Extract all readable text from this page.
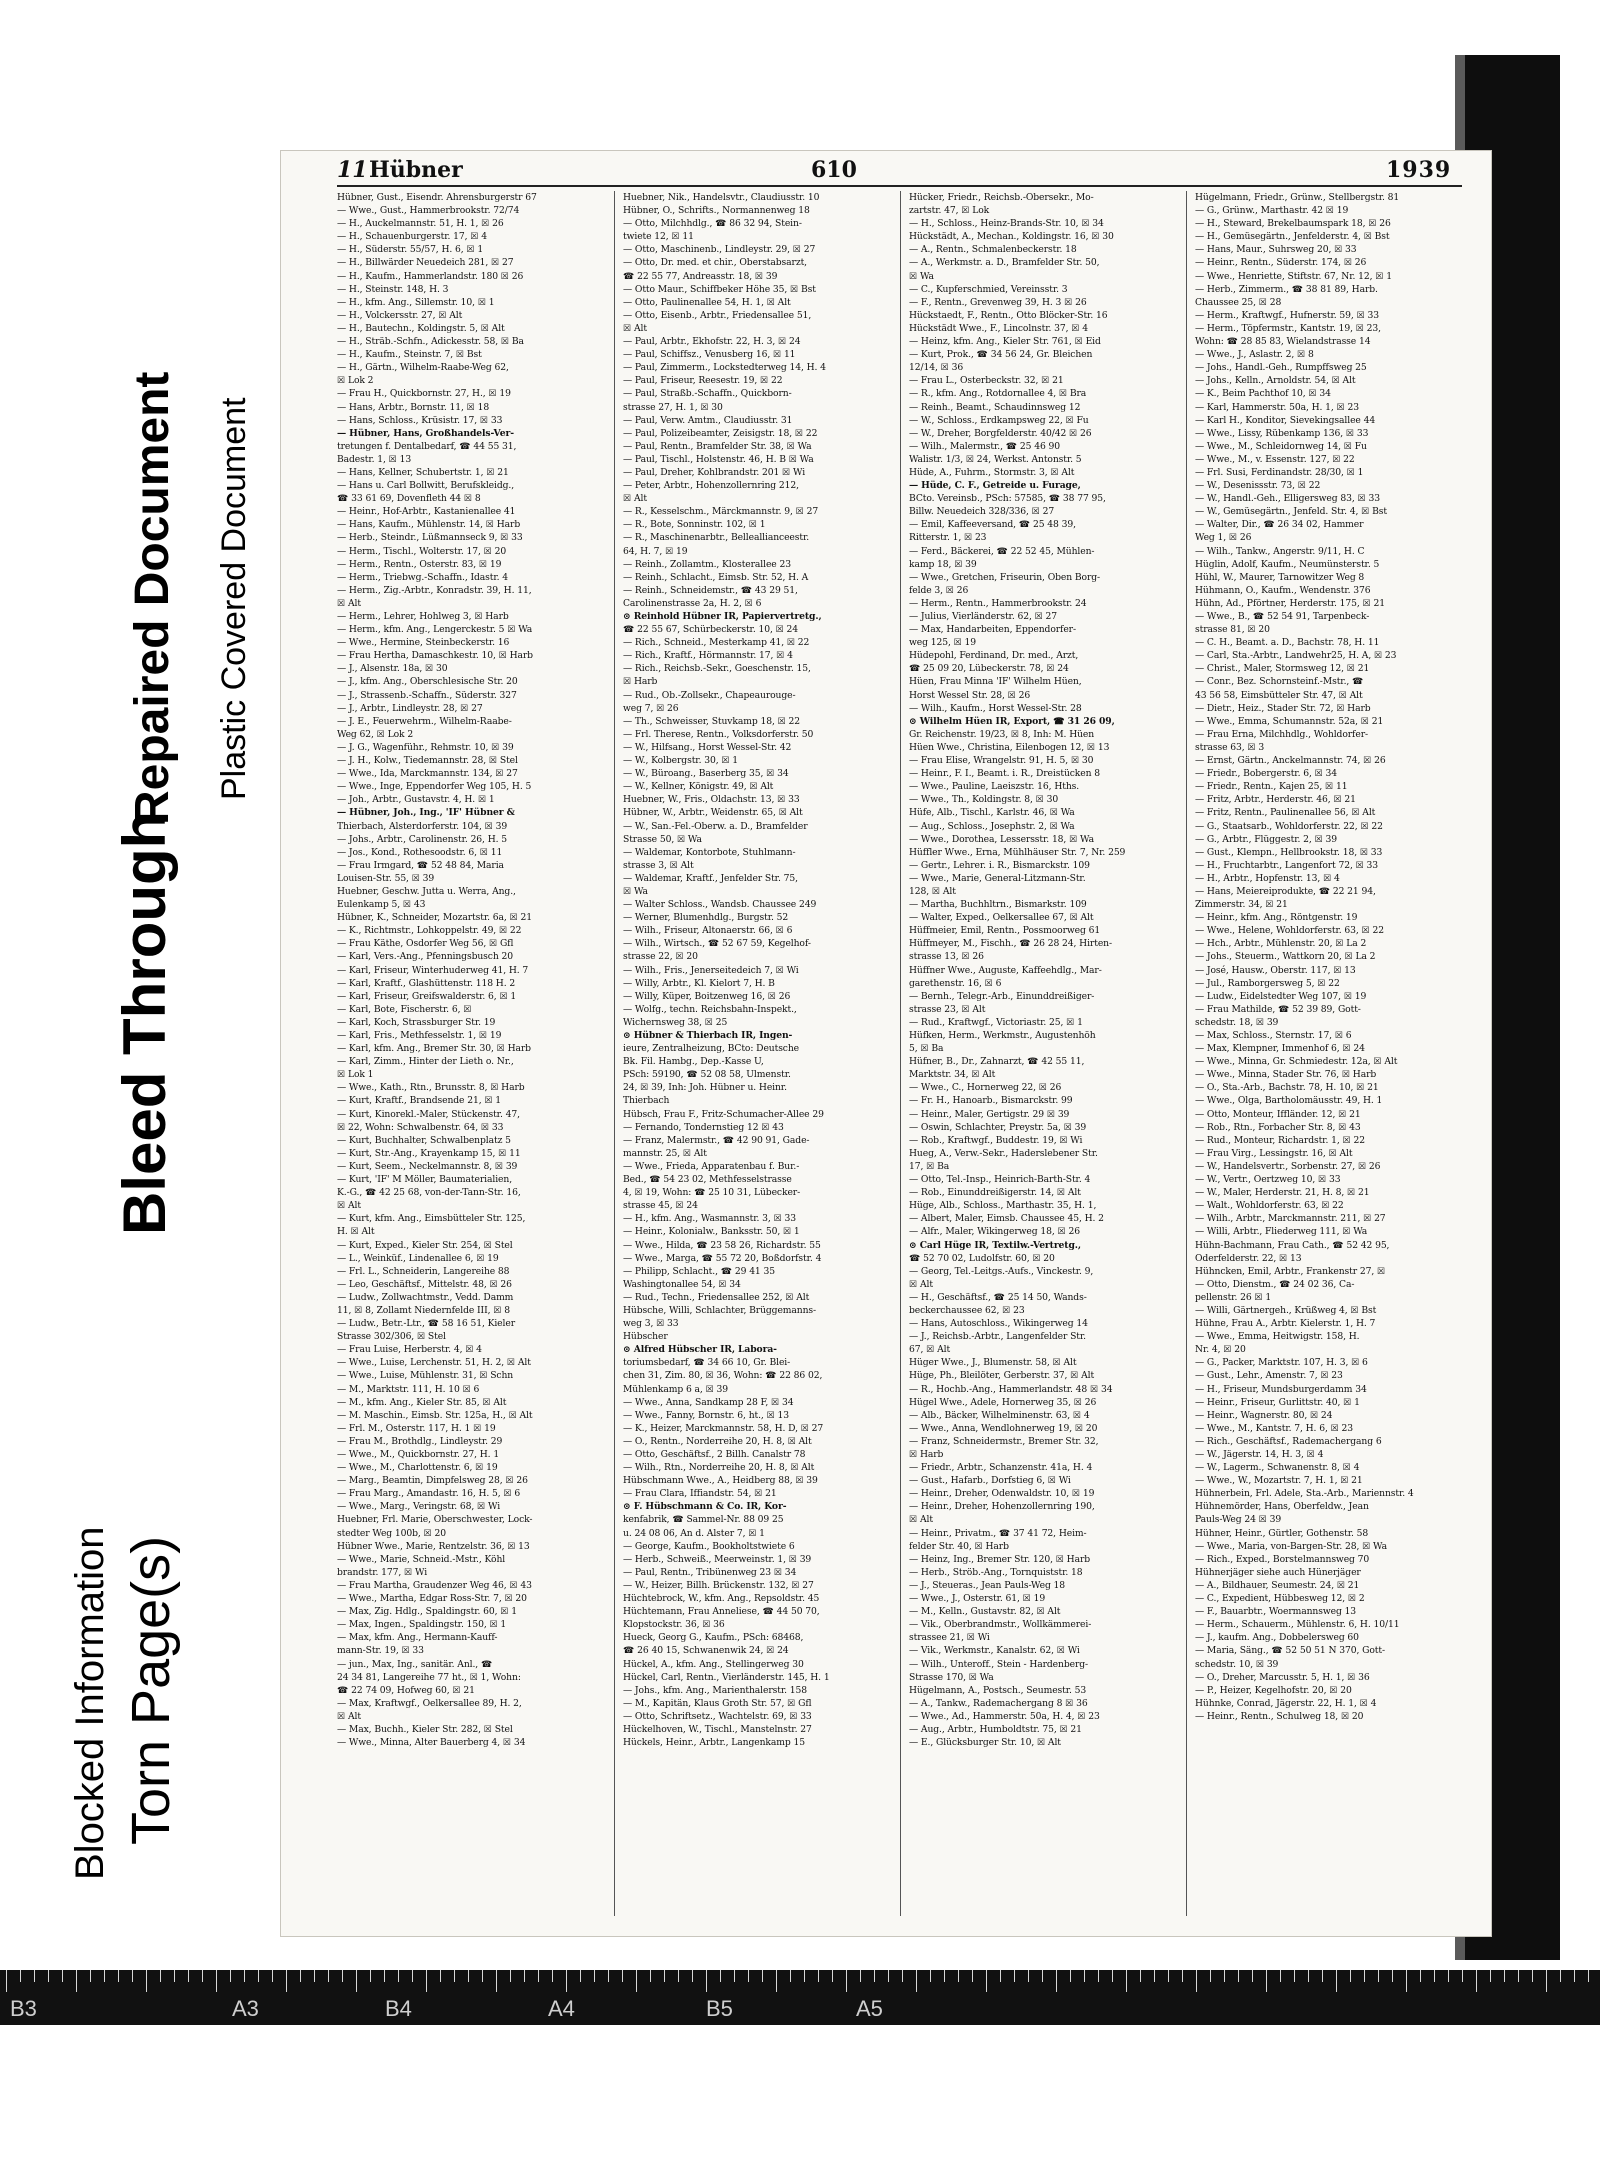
Blocked Information Torn Page(s)
Bleed Through
Repaired Document Plastic Covered Document
11 Hübner	610	1939
Hübner, Gust., Eisendr. Ahrensburgerstr 67
— Wwe., Gust., Hammerbrookstr. 72/74
— H., Auckelmannstr. 51, H. 1, ☒ 26
— H., Schauenburgerstr. 17, ☒ 4
— H., Süderstr. 55/57, H. 6, ☒ 1
— H., Billwärder Neuedeich 281, ☒ 27
— H., Kaufm., Hammerlandstr. 180 ☒ 26
— H., Steinstr. 148, H. 3
— H., kfm. Ang., Sillemstr. 10, ☒ 1
— H., Volckersstr. 27, ☒ Alt
— H., Bautechn., Koldingstr. 5, ☒ Alt
— H., Sträb.-Schfn., Adickesstr. 58, ☒ Ba
— H., Kaufm., Steinstr. 7, ☒ Bst
— H., Gärtn., Wilhelm-Raabe-Weg 62,
☒ Lok 2
— Frau H., Quickbornstr. 27, H., ☒ 19
— Hans, Arbtr., Bornstr. 11, ☒ 18
— Hans, Schloss., Krüsistr. 17, ☒ 33
— Hübner, Hans, Großhandels-Ver-
tretungen f. Dentalbedarf, ☎ 44 55 31,
Badestr. 1, ☒ 13
— Hans, Kellner, Schubertstr. 1, ☒ 21
— Hans u. Carl Bollwitt, Berufskleidg.,
☎ 33 61 69, Dovenfleth 44 ☒ 8
— Heinr., Hof-Arbtr., Kastanienallee 41
— Hans, Kaufm., Mühlenstr. 14, ☒ Harb
— Herb., Steindr., Lüßmannseck 9, ☒ 33
— Herm., Tischl., Wolterstr. 17, ☒ 20
— Herm., Rentn., Osterstr. 83, ☒ 19
— Herm., Triebwg.-Schaffn., Idastr. 4
— Herm., Zig.-Arbtr., Konradstr. 39, H. 11,
☒ Alt
— Herm., Lehrer, Hohlweg 3, ☒ Harb
— Herm., kfm. Ang., Lengerckestr. 5 ☒ Wa
— Wwe., Hermine, Steinbeckerstr. 16
— Frau Hertha, Damaschkestr. 10, ☒ Harb
— J., Alsenstr. 18a, ☒ 30
— J., kfm. Ang., Oberschlesische Str. 20
— J., Strassenb.-Schaffn., Süderstr. 327
— J., Arbtr., Lindleystr. 28, ☒ 27
— J. E., Feuerwehrm., Wilhelm-Raabe-
Weg 62, ☒ Lok 2
— J. G., Wagenführ., Rehmstr. 10, ☒ 39
— J. H., Kolw., Tiedemannstr. 28, ☒ Stel
— Wwe., Ida, Marckmannstr. 134, ☒ 27
— Wwe., Inge, Eppendorfer Weg 105, H. 5
— Joh., Arbtr., Gustavstr. 4, H. ☒ 1
— Hübner, Joh., Ing., 'IF' Hübner &
Thierbach, Alsterdorferstr. 104, ☒ 39
— Johs., Arbtr., Carolinenstr. 26, H. 5
— Jos., Kond., Rothesoodstr. 6, ☒ 11
— Frau Irmgard, ☎ 52 48 84, Maria
Louisen-Str. 55, ☒ 39
Huebner, Geschw. Jutta u. Werra, Ang.,
Eulenkamp 5, ☒ 43
Hübner, K., Schneider, Mozartstr. 6a, ☒ 21
— K., Richtmstr., Lohkoppelstr. 49, ☒ 22
— Frau Käthe, Osdorfer Weg 56, ☒ Gfl
— Karl, Vers.-Ang., Pfenningsbusch 20
— Karl, Friseur, Winterhuderweg 41, H. 7
— Karl, Kraftf., Glashüttenstr. 118 H. 2
— Karl, Friseur, Greifswalderstr. 6, ☒ 1
— Karl, Bote, Fischerstr. 6, ☒
— Karl, Koch, Strassburger Str. 19
— Karl, Fris., Methfesselstr. 1, ☒ 19
— Karl, kfm. Ang., Bremer Str. 30, ☒ Harb
— Karl, Zimm., Hinter der Lieth o. Nr.,
☒ Lok 1
— Wwe., Kath., Rtn., Brunsstr. 8, ☒ Harb
— Kurt, Kraftf., Brandsende 21, ☒ 1
— Kurt, Kinorekl.-Maler, Stückenstr. 47,
☒ 22, Wohn: Schwalbenstr. 64, ☒ 33
— Kurt, Buchhalter, Schwalbenplatz 5
— Kurt, Str.-Ang., Krayenkamp 15, ☒ 11
— Kurt, Seem., Neckelmannstr. 8, ☒ 39
— Kurt, 'IF' M Möller, Baumaterialien,
K.-G., ☎ 42 25 68, von-der-Tann-Str. 16,
☒ Alt
— Kurt, kfm. Ang., Eimsbütteler Str. 125,
H. ☒ Alt
— Kurt, Exped., Kieler Str. 254, ☒ Stel
— L., Weinküf., Lindenallee 6, ☒ 19
— Frl. L., Schneiderin, Langereihe 88
— Leo, Geschäftsf., Mittelstr. 48, ☒ 26
— Ludw., Zollwachtmstr., Vedd. Damm
11, ☒ 8, Zollamt Niedernfelde III, ☒ 8
— Ludw., Betr.-Ltr., ☎ 58 16 51, Kieler
Strasse 302/306, ☒ Stel
— Frau Luise, Herberstr. 4, ☒ 4
— Wwe., Luise, Lerchenstr. 51, H. 2, ☒ Alt
— Wwe., Luise, Mühlenstr. 31, ☒ Schn
— M., Marktstr. 111, H. 10 ☒ 6
— M., kfm. Ang., Kieler Str. 85, ☒ Alt
— M. Maschin., Eimsb. Str. 125a, H., ☒ Alt
— Frl. M., Osterstr. 117, H. 1 ☒ 19
— Frau M., Brothdlg., Lindleystr. 29
— Wwe., M., Quickbornstr. 27, H. 1
— Wwe., M., Charlottenstr. 6, ☒ 19
— Marg., Beamtin, Dimpfelsweg 28, ☒ 26
— Frau Marg., Amandastr. 16, H. 5, ☒ 6
— Wwe., Marg., Veringstr. 68, ☒ Wi
Huebner, Frl. Marie, Oberschwester, Lock-
stedter Weg 100b, ☒ 20
Hübner Wwe., Marie, Rentzelstr. 36, ☒ 13
— Wwe., Marie, Schneid.-Mstr., Köhl
brandstr. 177, ☒ Wi
— Frau Martha, Graudenzer Weg 46, ☒ 43
— Wwe., Martha, Edgar Ross-Str. 7, ☒ 20
— Max, Zig. Hdlg., Spaldingstr. 60, ☒ 1
— Max, Ingen., Spaldingstr. 150, ☒ 1
— Max, kfm. Ang., Hermann-Kauff-
mann-Str. 19, ☒ 33
— jun., Max, Ing., sanitär. Anl., ☎
24 34 81, Langereihe 77 ht., ☒ 1, Wohn:
☎ 22 74 09, Hofweg 60, ☒ 21
— Max, Kraftwgf., Oelkersallee 89, H. 2,
☒ Alt
— Max, Buchh., Kieler Str. 282, ☒ Stel
— Wwe., Minna, Alter Bauerberg 4, ☒ 34
Huebner, Nik., Handelsvtr., Claudiusstr. 10
Hübner, O., Schrifts., Normannenweg 18
— Otto, Milchhdlg., ☎ 86 32 94, Stein-
twiete 12, ☒ 11
— Otto, Maschinenb., Lindleystr. 29, ☒ 27
— Otto, Dr. med. et chir., Oberstabsarzt,
☎ 22 55 77, Andreasstr. 18, ☒ 39
— Otto Maur., Schiffbeker Höhe 35, ☒ Bst
— Otto, Paulinenallee 54, H. 1, ☒ Alt
— Otto, Eisenb., Arbtr., Friedensallee 51,
☒ Alt
— Paul, Arbtr., Ekhofstr. 22, H. 3, ☒ 24
— Paul, Schiffsz., Venusberg 16, ☒ 11
— Paul, Zimmerm., Lockstedterweg 14, H. 4
— Paul, Friseur, Reesestr. 19, ☒ 22
— Paul, Straßb.-Schaffn., Quickborn-
strasse 27, H. 1, ☒ 30
— Paul, Verw. Amtm., Claudiusstr. 31
— Paul, Polizeibeamter, Zeisigstr. 18, ☒ 22
— Paul, Rentn., Bramfelder Str. 38, ☒ Wa
— Paul, Tischl., Holstenstr. 46, H. B ☒ Wa
— Paul, Dreher, Kohlbrandstr. 201 ☒ Wi
— Peter, Arbtr., Hohenzollernring 212,
☒ Alt
— R., Kesselschm., Märckmannstr. 9, ☒ 27
— R., Bote, Sonninstr. 102, ☒ 1
— R., Maschinenarbtr., Belleallianceestr.
64, H. 7, ☒ 19
— Reinh., Zollamtm., Klosterallee 23
— Reinh., Schlacht., Eimsb. Str. 52, H. A
— Reinh., Schneidemstr., ☎ 43 29 51,
Carolinenstrasse 2a, H. 2, ☒ 6
⊙ Reinhold Hübner IR, Papiervertretg.,
☎ 22 55 67, Schürbeckerstr. 10, ☒ 24
— Rich., Schneid., Mesterkamp 41, ☒ 22
— Rich., Kraftf., Hörmannstr. 17, ☒ 4
— Rich., Reichsb.-Sekr., Goeschenstr. 15,
☒ Harb
— Rud., Ob.-Zollsekr., Chapeaurouge-
weg 7, ☒ 26
— Th., Schweisser, Stuvkamp 18, ☒ 22
— Frl. Therese, Rentn., Volksdorferstr. 50
— W., Hilfsang., Horst Wessel-Str. 42
— W., Kolbergstr. 30, ☒ 1
— W., Büroang., Baserberg 35, ☒ 34
— W., Kellner, Königstr. 49, ☒ Alt
Huebner, W., Fris., Oldachstr. 13, ☒ 33
Hübner, W., Arbtr., Weidenstr. 65, ☒ Alt
— W., San.-Fel.-Oberw. a. D., Bramfelder
Strasse 50, ☒ Wa
— Waldemar, Kontorbote, Stuhlmann-
strasse 3, ☒ Alt
— Waldemar, Kraftf., Jenfelder Str. 75,
☒ Wa
— Walter Schloss., Wandsb. Chaussee 249
— Werner, Blumenhdlg., Burgstr. 52
— Wilh., Friseur, Altonaerstr. 66, ☒ 6
— Wilh., Wirtsch., ☎ 52 67 59, Kegelhof-
strasse 22, ☒ 20
— Wilh., Fris., Jenerseitedeich 7, ☒ Wi
— Willy, Arbtr., Kl. Kielort 7, H. B
— Willy, Küper, Boitzenweg 16, ☒ 26
— Wolfg., techn. Reichsbahn-Inspekt.,
Wichernsweg 38, ☒ 25
⊙ Hübner & Thierbach IR, Ingen-
ieure, Zentralheizung, BCto: Deutsche
Bk. Fil. Hambg., Dep.-Kasse U,
PSch: 59190, ☎ 52 08 58, Ulmenstr.
24, ☒ 39, Inh: Joh. Hübner u. Heinr.
Thierbach
Hübsch, Frau F., Fritz-Schumacher-Allee 29
— Fernando, Tondernstieg 12 ☒ 43
— Franz, Malermstr., ☎ 42 90 91, Gade-
mannstr. 25, ☒ Alt
— Wwe., Frieda, Apparatenbau f. Bur.-
Bed., ☎ 54 23 02, Methfesselstrasse
4, ☒ 19, Wohn: ☎ 25 10 31, Lübecker-
strasse 45, ☒ 24
— H., kfm. Ang., Wasmannstr. 3, ☒ 33
— Heinr., Kolonialw., Banksstr. 50, ☒ 1
— Wwe., Hilda, ☎ 23 58 26, Richardstr. 55
— Wwe., Marga, ☎ 55 72 20, Boßdorfstr. 4
— Philipp, Schlacht., ☎ 29 41 35
Washingtonallee 54, ☒ 34
— Rud., Techn., Friedensallee 252, ☒ Alt
Hübsche, Willi, Schlachter, Brüggemanns-
weg 3, ☒ 33
Hübscher
⊙ Alfred Hübscher IR, Labora-
toriumsbedarf, ☎ 34 66 10, Gr. Blei-
chen 31, Zim. 80, ☒ 36, Wohn: ☎ 22 86 02,
Mühlenkamp 6 a, ☒ 39
— Wwe., Anna, Sandkamp 28 F, ☒ 34
— Wwe., Fanny, Bornstr. 6, ht., ☒ 13
— K., Heizer, Marckmannstr. 58, H. D, ☒ 27
— O., Rentn., Norderreihe 20, H. 8, ☒ Alt
— Otto, Geschäftsf., 2 Billh. Canalstr 78
— Wilh., Rtn., Norderreihe 20, H. 8, ☒ Alt
Hübschmann Wwe., A., Heidberg 88, ☒ 39
— Frau Clara, Iffiandstr. 54, ☒ 21
⊙ F. Hübschmann & Co. IR, Kor-
kenfabrik, ☎ Sammel-Nr. 88 09 25
u. 24 08 06, An d. Alster 7, ☒ 1
— George, Kaufm., Bookholtstwiete 6
— Herb., Schweiß., Meerweinstr. 1, ☒ 39
— Paul, Rentn., Tribünenweg 23 ☒ 34
— W., Heizer, Billh. Brückenstr. 132, ☒ 27
Hüchtebrock, W., kfm. Ang., Repsoldstr. 45
Hüchtemann, Frau Anneliese, ☎ 44 50 70,
Klopstockstr. 36, ☒ 36
Hueck, Georg G., Kaufm., PSch: 68468,
☎ 26 40 15, Schwanenwik 24, ☒ 24
Hückel, A., kfm. Ang., Stellingerweg 30
Hückel, Carl, Rentn., Vierländerstr. 145, H. 1
— Johs., kfm. Ang., Marienthalerstr. 158
— M., Kapitän, Klaus Groth Str. 57, ☒ Gfl
— Otto, Schriftsetz., Wachtelstr. 69, ☒ 33
Hückelhoven, W., Tischl., Manstelnstr. 27
Hückels, Heinr., Arbtr., Langenkamp 15
Hücker, Friedr., Reichsb.-Obersekr., Mo-
zartstr. 47, ☒ Lok
— H., Schloss., Heinz-Brands-Str. 10, ☒ 34
Hückstädt, A., Mechan., Koldingstr. 16, ☒ 30
— A., Rentn., Schmalenbeckerstr. 18
— A., Werkmstr. a. D., Bramfelder Str. 50,
☒ Wa
— C., Kupferschmied, Vereinsstr. 3
— F., Rentn., Grevenweg 39, H. 3 ☒ 26
Hückstaedt, F., Rentn., Otto Blöcker-Str. 16
Hückstädt Wwe., F., Lincolnstr. 37, ☒ 4
— Heinz, kfm. Ang., Kieler Str. 761, ☒ Eid
— Kurt, Prok., ☎ 34 56 24, Gr. Bleichen
12/14, ☒ 36
— Frau L., Osterbeckstr. 32, ☒ 21
— R., kfm. Ang., Rotdornallee 4, ☒ Bra
— Reinh., Beamt., Schaudinnsweg 12
— W., Schloss., Erdkampsweg 22, ☒ Fu
— W., Dreher, Borgfelderstr. 40/42 ☒ 26
— Wilh., Malermstr., ☎ 25 46 90
Walistr. 1/3, ☒ 24, Werkst. Antonstr. 5
Hüde, A., Fuhrm., Stormstr. 3, ☒ Alt
— Hüde, C. F., Getreide u. Furage,
BCto. Vereinsb., PSch: 57585, ☎ 38 77 95,
Billw. Neuedeich 328/336, ☒ 27
— Emil, Kaffeeversand, ☎ 25 48 39,
Ritterstr. 1, ☒ 23
— Ferd., Bäckerei, ☎ 22 52 45, Mühlen-
kamp 18, ☒ 39
— Wwe., Gretchen, Friseurin, Oben Borg-
felde 3, ☒ 26
— Herm., Rentn., Hammerbrookstr. 24
— Julius, Vierländerstr. 62, ☒ 27
— Max, Handarbeiten, Eppendorfer-
weg 125, ☒ 19
Hüdepohl, Ferdinand, Dr. med., Arzt,
☎ 25 09 20, Lübeckerstr. 78, ☒ 24
Hüen, Frau Minna 'IF' Wilhelm Hüen,
Horst Wessel Str. 28, ☒ 26
— Wilh., Kaufm., Horst Wessel-Str. 28
⊙ Wilhelm Hüen IR, Export, ☎ 31 26 09,
Gr. Reichenstr. 19/23, ☒ 8, Inh: M. Hüen
Hüen Wwe., Christina, Eilenbogen 12, ☒ 13
— Frau Elise, Wrangelstr. 91, H. 5, ☒ 30
— Heinr., F. I., Beamt. i. R., Dreistücken 8
— Wwe., Pauline, Laeiszstr. 16, Hths.
— Wwe., Th., Koldingstr. 8, ☒ 30
Hüfe, Alb., Tischl., Karlstr. 46, ☒ Wa
— Aug., Schloss., Josephstr. 2, ☒ Wa
— Wwe., Dorothea, Lessersstr. 18, ☒ Wa
Hüffler Wwe., Erna, Mühlhäuser Str. 7, Nr. 259
— Gertr., Lehrer. i. R., Bismarckstr. 109
— Wwe., Marie, General-Litzmann-Str.
128, ☒ Alt
— Martha, Buchhltrn., Bismarkstr. 109
— Walter, Exped., Oelkersallee 67, ☒ Alt
Hüffmeier, Emil, Rentn., Possmoorweg 61
Hüffmeyer, M., Fischh., ☎ 26 28 24, Hirten-
strasse 13, ☒ 26
Hüffner Wwe., Auguste, Kaffeehdlg., Mar-
garethenstr. 16, ☒ 6
— Bernh., Telegr.-Arb., Einunddreißiger-
strasse 23, ☒ Alt
— Rud., Kraftwgf., Victoriastr. 25, ☒ 1
Hüfken, Herm., Werkmstr., Augustenhöh
5, ☒ Ba
Hüfner, B., Dr., Zahnarzt, ☎ 42 55 11,
Marktstr. 34, ☒ Alt
— Wwe., C., Hornerweg 22, ☒ 26
— Fr. H., Hanoarb., Bismarckstr. 99
— Heinr., Maler, Gertigstr. 29 ☒ 39
— Oswin, Schlachter, Preystr. 5a, ☒ 39
— Rob., Kraftwgf., Buddestr. 19, ☒ Wi
Hueg, A., Verw.-Sekr., Haderslebener Str.
17, ☒ Ba
— Otto, Tel.-Insp., Heinrich-Barth-Str. 4
— Rob., Einunddreißigerstr. 14, ☒ Alt
Hüge, Alb., Schloss., Marthastr. 35, H. 1,
— Albert, Maler, Eimsb. Chaussee 45, H. 2
— Alfr., Maler, Wikingerweg 18, ☒ 26
⊙ Carl Hüge IR, Textilw.-Vertretg.,
☎ 52 70 02, Ludolfstr. 60, ☒ 20
— Georg, Tel.-Leitgs.-Aufs., Vinckestr. 9,
☒ Alt
— H., Geschäftsf., ☎ 25 14 50, Wands-
beckerchaussee 62, ☒ 23
— Hans, Autoschloss., Wikingerweg 14
— J., Reichsb.-Arbtr., Langenfelder Str.
67, ☒ Alt
Hüger Wwe., J., Blumenstr. 58, ☒ Alt
Hüge, Ph., Bleilöter, Gerberstr. 37, ☒ Alt
— R., Hochb.-Ang., Hammerlandstr. 48 ☒ 34
Hügel Wwe., Adele, Hornerweg 35, ☒ 26
— Alb., Bäcker, Wilhelminenstr. 63, ☒ 4
— Wwe., Anna, Wendlohnerweg 19, ☒ 20
— Franz, Schneidermstr., Bremer Str. 32,
☒ Harb
— Friedr., Arbtr., Schanzenstr. 41a, H. 4
— Gust., Hafarb., Dorfstieg 6, ☒ Wi
— Heinr., Dreher, Odenwaldstr. 10, ☒ 19
— Heinr., Dreher, Hohenzollernring 190,
☒ Alt
— Heinr., Privatm., ☎ 37 41 72, Heim-
felder Str. 40, ☒ Harb
— Heinz, Ing., Bremer Str. 120, ☒ Harb
— Herb., Ströb.-Ang., Tornquiststr. 18
— J., Steueras., Jean Pauls-Weg 18
— Wwe., J., Osterstr. 61, ☒ 19
— M., Kelln., Gustavstr. 82, ☒ Alt
— Vik., Oberbrandmstr., Wollkämmerei-
strassee 21, ☒ Wi
— Vik., Werkmstr., Kanalstr. 62, ☒ Wi
— Wilh., Unteroff., Stein - Hardenberg-
Strasse 170, ☒ Wa
Hügelmann, A., Postsch., Seumestr. 53
— A., Tankw., Rademachergang 8 ☒ 36
— Wwe., Ad., Hammerstr. 50a, H. 4, ☒ 23
— Aug., Arbtr., Humboldtstr. 75, ☒ 21
— E., Glücksburger Str. 10, ☒ Alt
Hügelmann, Friedr., Grünw., Stellbergstr. 81
— G., Grünw., Marthastr. 42 ☒ 19
— H., Steward, Brekelbaumspark 18, ☒ 26
— H., Gemüsegärtn., Jenfelderstr. 4, ☒ Bst
— Hans, Maur., Suhrsweg 20, ☒ 33
— Heinr., Rentn., Süderstr. 174, ☒ 26
— Wwe., Henriette, Stiftstr. 67, Nr. 12, ☒ 1
— Herb., Zimmerm., ☎ 38 81 89, Harb.
Chaussee 25, ☒ 28
— Herm., Kraftwgf., Hufnerstr. 59, ☒ 33
— Herm., Töpfermstr., Kantstr. 19, ☒ 23,
Wohn: ☎ 28 85 83, Wielandstrasse 14
— Wwe., J., Aslastr. 2, ☒ 8
— Johs., Handl.-Geh., Rumpffsweg 25
— Johs., Kelln., Arnoldstr. 54, ☒ Alt
— K., Beim Pachthof 10, ☒ 34
— Karl, Hammerstr. 50a, H. 1, ☒ 23
— Karl H., Konditor, Sievekingsallee 44
— Wwe., Lissy, Rübenkamp 136, ☒ 33
— Wwe., M., Schleidornweg 14, ☒ Fu
— Wwe., M., v. Essenstr. 127, ☒ 22
— Frl. Susi, Ferdinandstr. 28/30, ☒ 1
— W., Desenissstr. 73, ☒ 22
— W., Handl.-Geh., Elligersweg 83, ☒ 33
— W., Gemüsegärtn., Jenfeld. Str. 4, ☒ Bst
— Walter, Dir., ☎ 26 34 02, Hammer
Weg 1, ☒ 26
— Wilh., Tankw., Angerstr. 9/11, H. C
Hüglin, Adolf, Kaufm., Neumünsterstr. 5
Hühl, W., Maurer, Tarnowitzer Weg 8
Hühmann, O., Kaufm., Wendenstr. 376
Hühn, Ad., Pförtner, Herderstr. 175, ☒ 21
— Wwe., B., ☎ 52 54 91, Tarpenbeck-
strasse 81, ☒ 20
— C. H., Beamt. a. D., Bachstr. 78, H. 11
— Carl, Sta.-Arbtr., Landwehr25, H. A, ☒ 23
— Christ., Maler, Stormsweg 12, ☒ 21
— Conr., Bez. Schornsteinf.-Mstr., ☎
43 56 58, Eimsbütteler Str. 47, ☒ Alt
— Dietr., Heiz., Stader Str. 72, ☒ Harb
— Wwe., Emma, Schumannstr. 52a, ☒ 21
— Frau Erna, Milchhdlg., Wohldorfer-
strasse 63, ☒ 3
— Ernst, Gärtn., Anckelmannstr. 74, ☒ 26
— Friedr., Bobergerstr. 6, ☒ 34
— Friedr., Rentn., Kajen 25, ☒ 11
— Fritz, Arbtr., Herderstr. 46, ☒ 21
— Fritz, Rentn., Paulinenallee 56, ☒ Alt
— G., Staatsarb., Wohldorferstr. 22, ☒ 22
— G., Arbtr., Flüggestr. 2, ☒ 39
— Gust., Klempn., Hellbrookstr. 18, ☒ 33
— H., Fruchtarbtr., Langenfort 72, ☒ 33
— H., Arbtr., Hopfenstr. 13, ☒ 4
— Hans, Meiereiprodukte, ☎ 22 21 94,
Zimmerstr. 34, ☒ 21
— Heinr., kfm. Ang., Röntgenstr. 19
— Wwe., Helene, Wohldorferstr. 63, ☒ 22
— Hch., Arbtr., Mühlenstr. 20, ☒ La 2
— Johs., Steuerm., Wattkorn 20, ☒ La 2
— José, Hausw., Oberstr. 117, ☒ 13
— Jul., Ramborgersweg 5, ☒ 22
— Ludw., Eidelstedter Weg 107, ☒ 19
— Frau Mathilde, ☎ 52 39 89, Gott-
schedstr. 18, ☒ 39
— Max, Schloss., Sternstr. 17, ☒ 6
— Max, Klempner, Immenhof 6, ☒ 24
— Wwe., Minna, Gr. Schmiedestr. 12a, ☒ Alt
— Wwe., Minna, Stader Str. 76, ☒ Harb
— O., Sta.-Arb., Bachstr. 78, H. 10, ☒ 21
— Wwe., Olga, Bartholomäusstr. 49, H. 1
— Otto, Monteur, Iffländer. 12, ☒ 21
— Rob., Rtn., Forbacher Str. 8, ☒ 43
— Rud., Monteur, Richardstr. 1, ☒ 22
— Frau Virg., Lessingstr. 16, ☒ Alt
— W., Handelsvertr., Sorbenstr. 27, ☒ 26
— W., Vertr., Oertzweg 10, ☒ 33
— W., Maler, Herderstr. 21, H. 8, ☒ 21
— Walt., Wohldorferstr. 63, ☒ 22
— Wilh., Arbtr., Marckmannstr. 211, ☒ 27
— Willi, Arbtr., Fliederweg 111, ☒ Wa
Hühn-Bachmann, Frau Cath., ☎ 52 42 95,
Oderfelderstr. 22, ☒ 13
Hühncken, Emil, Arbtr., Frankenstr 27, ☒
— Otto, Dienstm., ☎ 24 02 36, Ca-
pellenstr. 26 ☒ 1
— Willi, Gärtnergeh., Krüßweg 4, ☒ Bst
Hühne, Frau A., Arbtr. Kielerstr. 1, H. 7
— Wwe., Emma, Heitwigstr. 158, H.
Nr. 4, ☒ 20
— G., Packer, Marktstr. 107, H. 3, ☒ 6
— Gust., Lehr., Amenstr. 7, ☒ 23
— H., Friseur, Mundsburgerdamm 34
— Heinr., Friseur, Gurlittstr. 40, ☒ 1
— Heinr., Wagnerstr. 80, ☒ 24
— Wwe., M., Kantstr. 7, H. 6, ☒ 23
— Rich., Geschäftsf., Rademachergang 6
— W., Jägerstr. 14, H. 3, ☒ 4
— W., Lagerm., Schwanenstr. 8, ☒ 4
— Wwe., W., Mozartstr. 7, H. 1, ☒ 21
Hühnerbein, Frl. Adele, Sta.-Arb., Mariennstr. 4
Hühnemörder, Hans, Oberfeldw., Jean
Pauls-Weg 24 ☒ 39
Hühner, Heinr., Gürtler, Gothenstr. 58
— Wwe., Maria, von-Bargen-Str. 28, ☒ Wa
— Rich., Exped., Borstelmannsweg 70
Hühnerjäger siehe auch Hünerjäger
— A., Bildhauer, Seumestr. 24, ☒ 21
— C., Expedient, Hübbesweg 12, ☒ 2
— F., Bauarbtr., Woermannsweg 13
— Herm., Schauerm., Mühlenstr. 6, H. 10/11
— J., kaufm. Ang., Dobbelersweg 60
— Maria, Säng., ☎ 52 50 51 N 370, Gott-
schedstr. 10, ☒ 39
— O., Dreher, Marcusstr. 5, H. 1, ☒ 36
— P., Heizer, Kegelhofstr. 20, ☒ 20
Hühnke, Conrad, Jägerstr. 22, H. 1, ☒ 4
— Heinr., Rentn., Schulweg 18, ☒ 20
B3	A3	B4	A4	B5	A5
